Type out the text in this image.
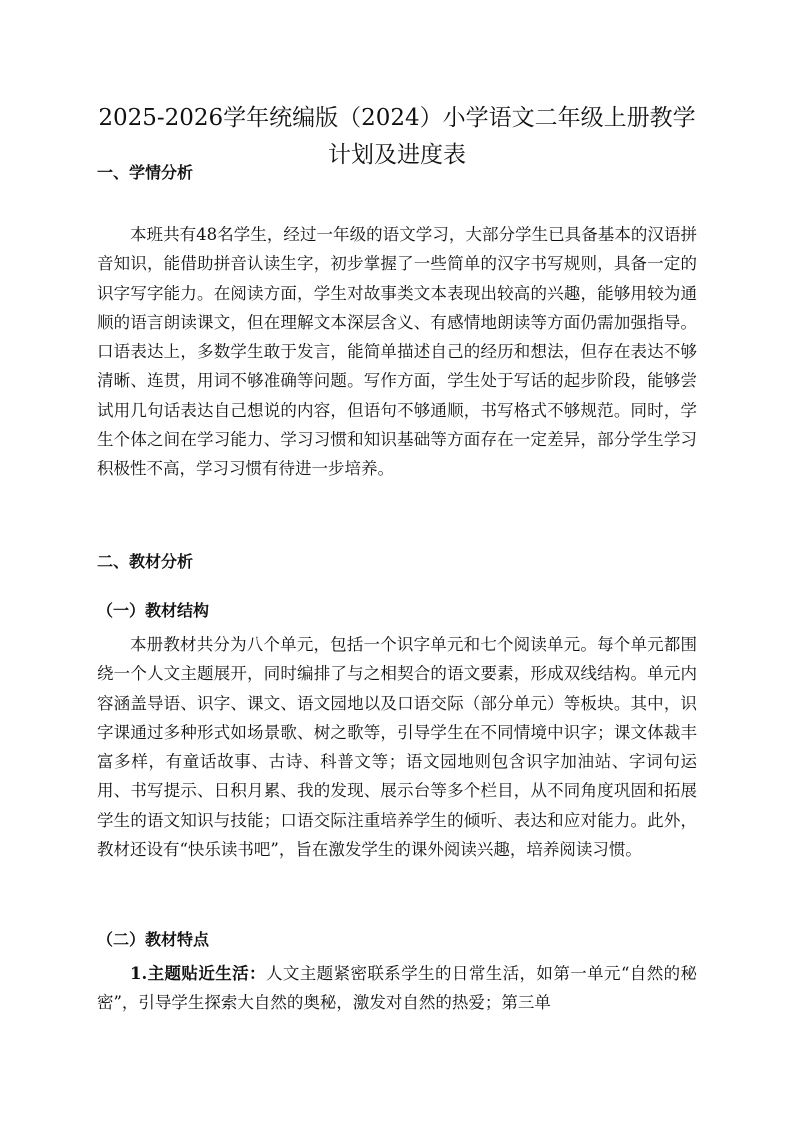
2025-2026学年统编版（2024）小学语文二年级上册教学
计划及进度表
一、学情分析

本班共有48名学生，经过一年级的语文学习，大部分学生已具备基本的汉语拼音知识，能借助拼音认读生字，初步掌握了一些简单的汉字书写规则，具备一定的识字写字能力。在阅读方面，学生对故事类文本表现出较高的兴趣，能够用较为通顺的语言朗读课文，但在理解文本深层含义、有感情地朗读等方面仍需加强指导。口语表达上，多数学生敢于发言，能简单描述自己的经历和想法，但存在表达不够清晰、连贯，用词不够准确等问题。写作方面，学生处于写话的起步阶段，能够尝试用几句话表达自己想说的内容，但语句不够通顺，书写格式不够规范。同时，学生个体之间在学习能力、学习习惯和知识基础等方面存在一定差异，部分学生学习积极性不高，学习习惯有待进一步培养。

二、教材分析
（一）教材结构

本册教材共分为八个单元，包括一个识字单元和七个阅读单元。每个单元都围绕一个人文主题展开，同时编排了与之相契合的语文要素，形成双线结构。单元内容涵盖导语、识字、课文、语文园地以及口语交际（部分单元）等板块。其中，识字课通过多种形式如场景歌、树之歌等，引导学生在不同情境中识字；课文体裁丰富多样，有童话故事、古诗、科普文等；语文园地则包含识字加油站、字词句运用、书写提示、日积月累、我的发现、展示台等多个栏目，从不同角度巩固和拓展学生的语文知识与技能；口语交际注重培养学生的倾听、表达和应对能力。此外，教材还设有“快乐读书吧”，旨在激发学生的课外阅读兴趣，培养阅读习惯。

（二）教材特点

1.主题贴近生活：人文主题紧密联系学生的日常生活，如第一单元“自然的秘密”，引导学生探索大自然的奥秘，激发对自然的热爱；第三单
